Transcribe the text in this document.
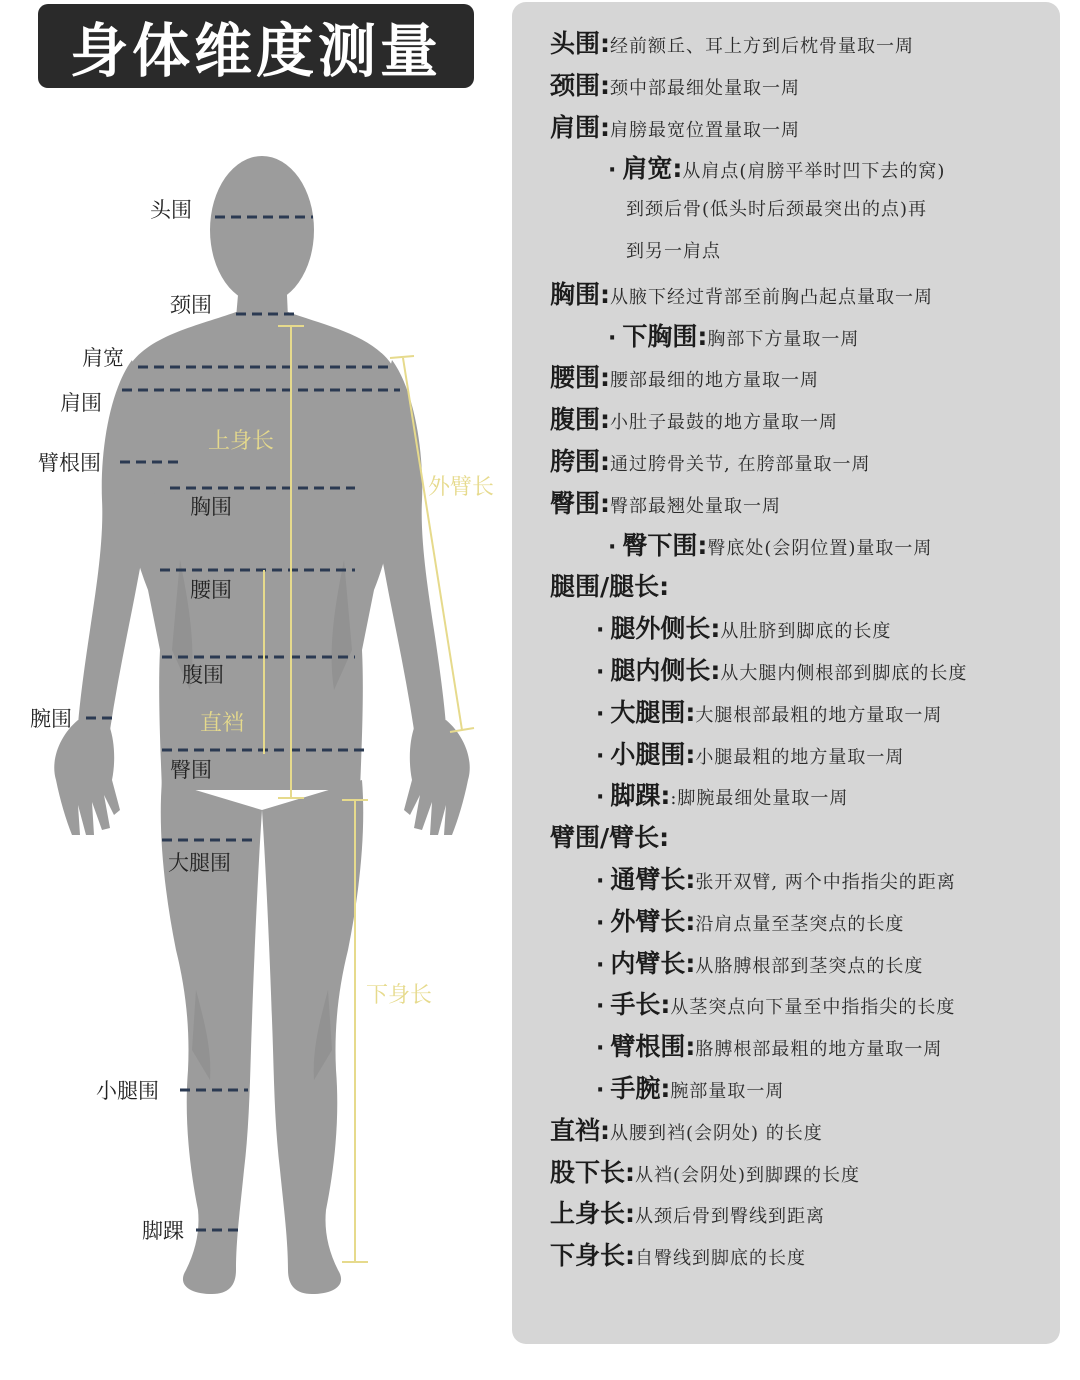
身体维度测量
头围
颈围
肩宽
肩围
臂根围
胸围
腰围
腹围
腕围
臀围
大腿围
小腿围
脚踝
上身长
外臂长
直裆
下身长
头围:经前额丘、耳上方到后枕骨量取一周
颈围:颈中部最细处量取一周
肩围:肩膀最宽位置量取一周
· 肩宽:从肩点(肩膀平举时凹下去的窝)
到颈后骨(低头时后颈最突出的点)再
到另一肩点
胸围:从腋下经过背部至前胸凸起点量取一周
· 下胸围:胸部下方量取一周
腰围:腰部最细的地方量取一周
腹围:小肚子最鼓的地方量取一周
胯围:通过胯骨关节, 在胯部量取一周
臀围:臀部最翘处量取一周
· 臀下围:臀底处(会阴位置)量取一周
腿围/腿长:
· 腿外侧长:从肚脐到脚底的长度
· 腿内侧长:从大腿内侧根部到脚底的长度
· 大腿围:大腿根部最粗的地方量取一周
· 小腿围:小腿最粗的地方量取一周
· 脚踝::脚腕最细处量取一周
臂围/臂长:
· 通臂长:张开双臂, 两个中指指尖的距离
· 外臂长:沿肩点量至茎突点的长度
· 内臂长:从胳膊根部到茎突点的长度
· 手长:从茎突点向下量至中指指尖的长度
· 臂根围:胳膊根部最粗的地方量取一周
· 手腕:腕部量取一周
直裆:从腰到裆(会阴处) 的长度
股下长:从裆(会阴处)到脚踝的长度
上身长:从颈后骨到臀线到距离
下身长:自臀线到脚底的长度
